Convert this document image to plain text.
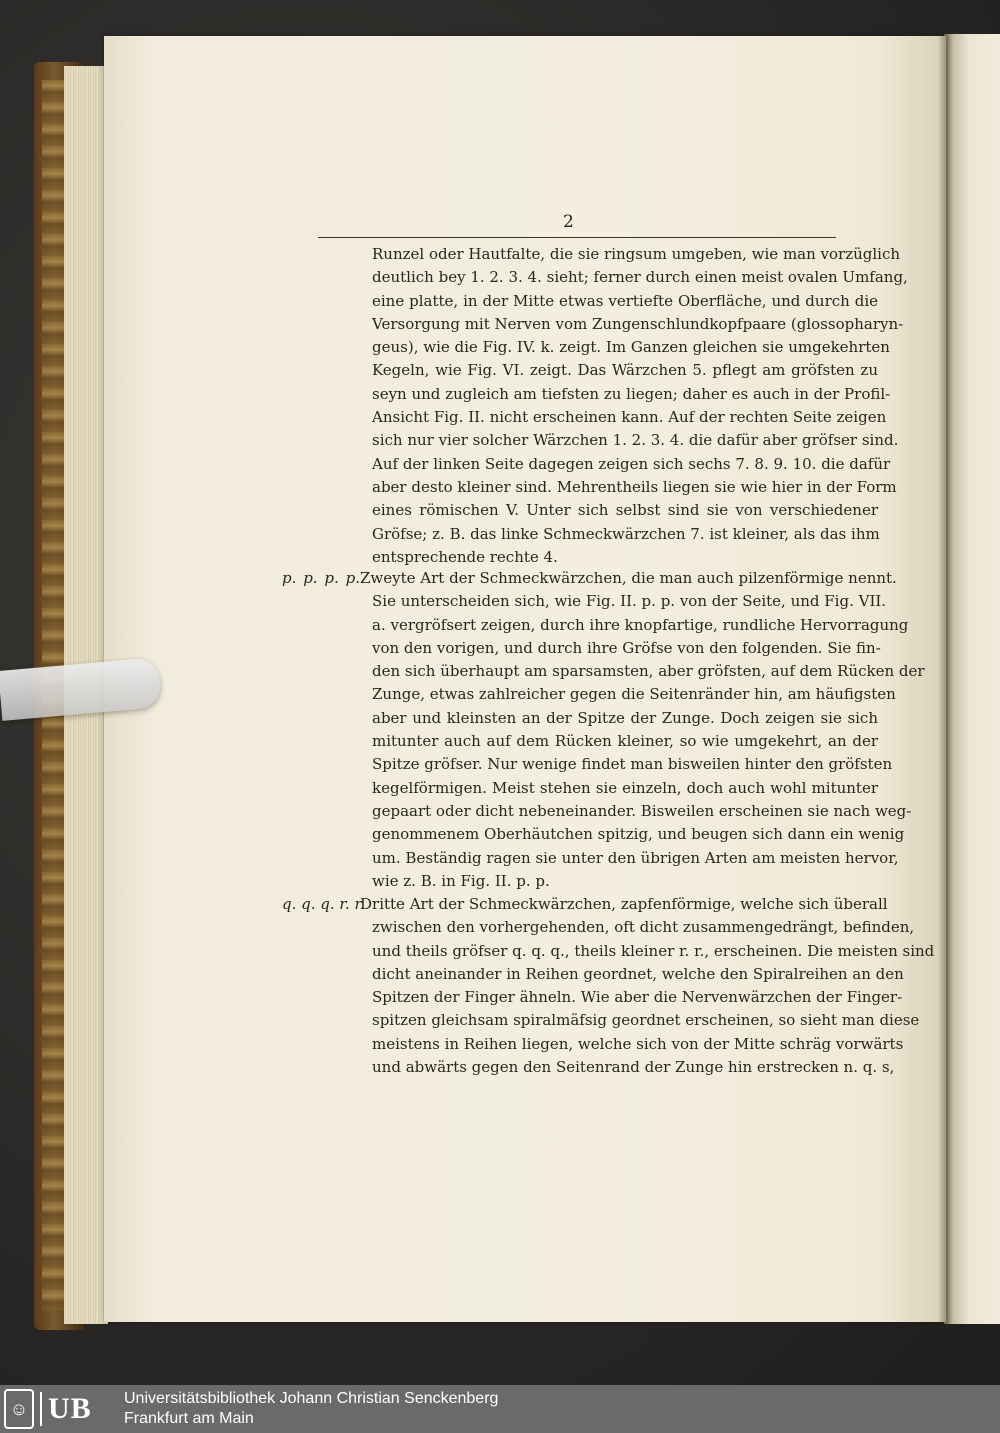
2
Runzel oder Hautfalte, die sie ringsum umgeben, wie man vorzüglich
deutlich bey 1. 2. 3. 4. sieht; ferner durch einen meist ovalen Umfang,
eine platte, in der Mitte etwas vertiefte Oberfläche, und durch die
Versorgung mit Nerven vom Zungenschlundkopfpaare (glossopharyn-
geus), wie die Fig. IV. k. zeigt. Im Ganzen gleichen sie umgekehrten
Kegeln, wie Fig. VI. zeigt. Das Wärzchen 5. pflegt am gröfsten zu
seyn und zugleich am tiefsten zu liegen; daher es auch in der Profil-
Ansicht Fig. II. nicht erscheinen kann. Auf der rechten Seite zeigen
sich nur vier solcher Wärzchen 1. 2. 3. 4. die dafür aber gröfser sind.
Auf der linken Seite dagegen zeigen sich sechs 7. 8. 9. 10. die dafür
aber desto kleiner sind. Mehrentheils liegen sie wie hier in der Form
eines römischen V. Unter sich selbst sind sie von verschiedener
Gröfse; z. B. das linke Schmeckwärzchen 7. ist kleiner, als das ihm
entsprechende rechte 4.
p. p. p. p.Zweyte Art der Schmeckwärzchen, die man auch pilzenförmige nennt.
Sie unterscheiden sich, wie Fig. II. p. p. von der Seite, und Fig. VII.
a. vergröfsert zeigen, durch ihre knopfartige, rundliche Hervorragung
von den vorigen, und durch ihre Gröfse von den folgenden. Sie fin-
den sich überhaupt am sparsamsten, aber gröfsten, auf dem Rücken der
Zunge, etwas zahlreicher gegen die Seitenränder hin, am häufigsten
aber und kleinsten an der Spitze der Zunge. Doch zeigen sie sich
mitunter auch auf dem Rücken kleiner, so wie umgekehrt, an der
Spitze gröfser. Nur wenige findet man bisweilen hinter den gröfsten
kegelförmigen. Meist stehen sie einzeln, doch auch wohl mitunter
gepaart oder dicht nebeneinander. Bisweilen erscheinen sie nach weg-
genommenem Oberhäutchen spitzig, und beugen sich dann ein wenig
um. Beständig ragen sie unter den übrigen Arten am meisten hervor,
wie z. B. in Fig. II. p. p.
q. q. q. r. r.Dritte Art der Schmeckwärzchen, zapfenförmige, welche sich überall
zwischen den vorhergehenden, oft dicht zusammengedrängt, befinden,
und theils gröfser q. q. q., theils kleiner r. r., erscheinen. Die meisten sind
dicht aneinander in Reihen geordnet, welche den Spiralreihen an den
Spitzen der Finger ähneln. Wie aber die Nervenwärzchen der Finger-
spitzen gleichsam spiralmäfsig geordnet erscheinen, so sieht man diese
meistens in Reihen liegen, welche sich von der Mitte schräg vorwärts
und abwärts gegen den Seitenrand der Zunge hin erstrecken n. q. s,
☺ UB Universitätsbibliothek Johann Christian Senckenberg
Frankfurt am Main
